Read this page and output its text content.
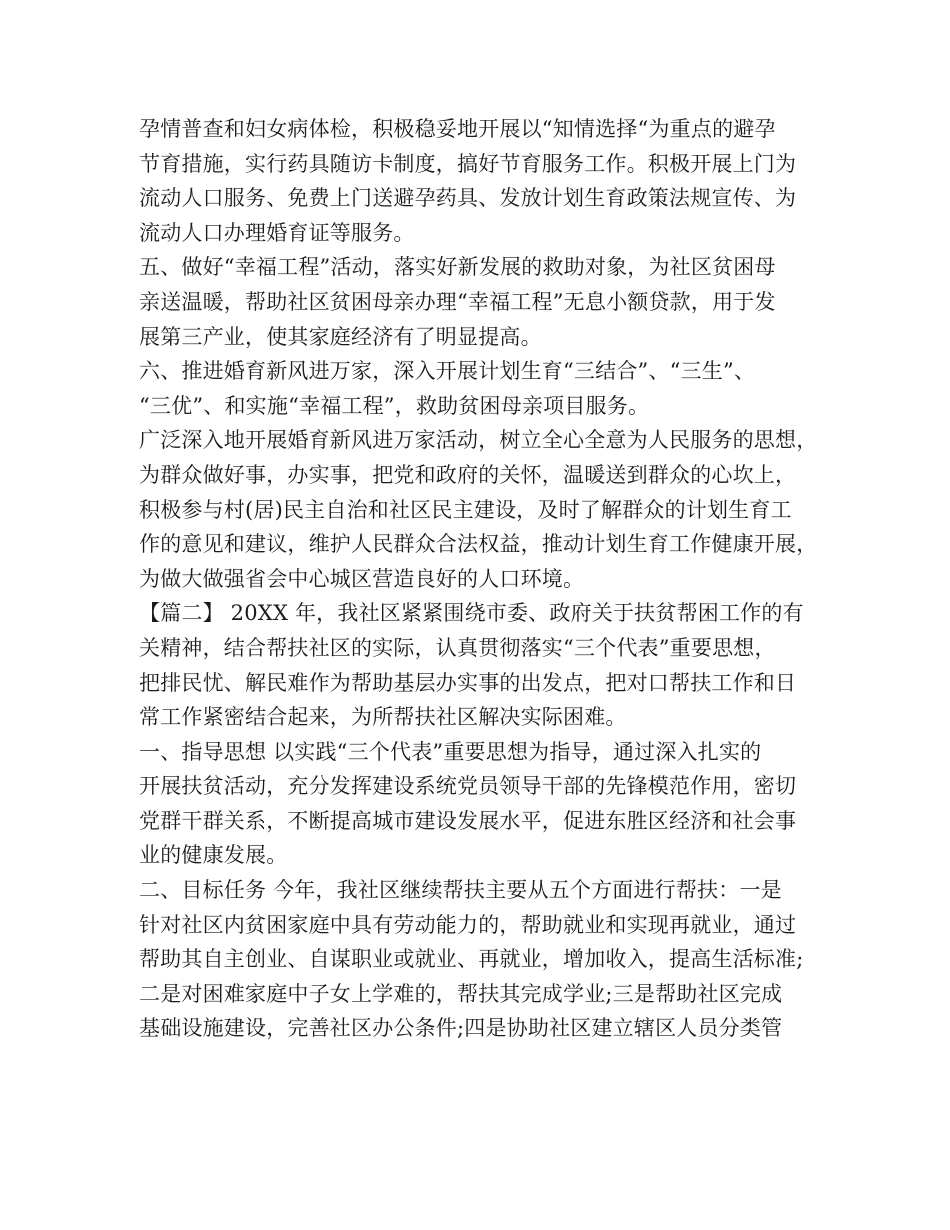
孕情普查和妇女病体检，积极稳妥地开展以“知情选择“为重点的避孕
节育措施，实行药具随访卡制度，搞好节育服务工作。积极开展上门为
流动人口服务、免费上门送避孕药具、发放计划生育政策法规宣传、为
流动人口办理婚育证等服务。
五、做好“幸福工程”活动，落实好新发展的救助对象，为社区贫困母
亲送温暖，帮助社区贫困母亲办理“幸福工程”无息小额贷款，用于发
展第三产业，使其家庭经济有了明显提高。
六、推进婚育新风进万家，深入开展计划生育“三结合”、“三生”、
“三优”、和实施“幸福工程”，救助贫困母亲项目服务。
广泛深入地开展婚育新风进万家活动，树立全心全意为人民服务的思想，
为群众做好事，办实事，把党和政府的关怀，温暖送到群众的心坎上，
积极参与村(居)民主自治和社区民主建设，及时了解群众的计划生育工
作的意见和建议，维护人民群众合法权益，推动计划生育工作健康开展，
为做大做强省会中心城区营造良好的人口环境。
【篇二】 20XX 年，我社区紧紧围绕市委、政府关于扶贫帮困工作的有
关精神，结合帮扶社区的实际，认真贯彻落实“三个代表”重要思想，
把排民忧、解民难作为帮助基层办实事的出发点，把对口帮扶工作和日
常工作紧密结合起来，为所帮扶社区解决实际困难。
一、指导思想 以实践“三个代表”重要思想为指导，通过深入扎实的
开展扶贫活动，充分发挥建设系统党员领导干部的先锋模范作用，密切
党群干群关系，不断提高城市建设发展水平，促进东胜区经济和社会事
业的健康发展。
二、目标任务 今年，我社区继续帮扶主要从五个方面进行帮扶：一是
针对社区内贫困家庭中具有劳动能力的，帮助就业和实现再就业，通过
帮助其自主创业、自谋职业或就业、再就业，增加收入，提高生活标准;
二是对困难家庭中子女上学难的，帮扶其完成学业;三是帮助社区完成
基础设施建设，完善社区办公条件;四是协助社区建立辖区人员分类管
